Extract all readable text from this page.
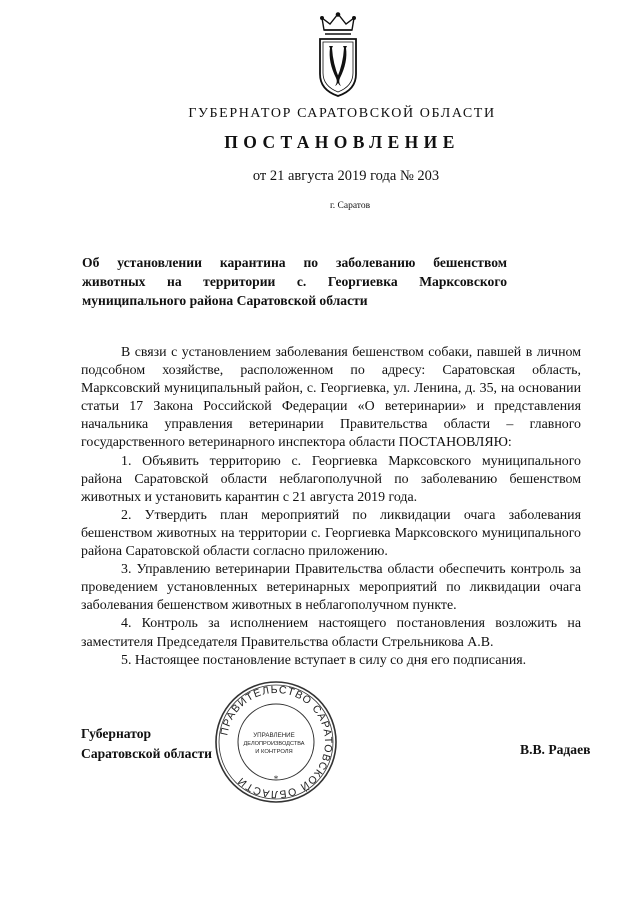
ГУБЕРНАТОР САРАТОВСКОЙ ОБЛАСТИ
ПОСТАНОВЛЕНИЕ
от 21 августа 2019 года № 203
г. Саратов
Об установлении карантина по заболеванию бешенством
животных на территории с. Георгиевка Марксовского
муниципального района Саратовской области

В связи с установлением заболевания бешенством собаки, павшей в личном подсобном хозяйстве, расположенном по адресу: Саратовская область, Марксовский муниципальный район, с. Георгиевка, ул. Ленина, д. 35, на основании статьи 17 Закона Российской Федерации «О ветеринарии» и представления начальника управления ветеринарии Правительства области – главного государственного ветеринарного инспектора области ПОСТАНОВЛЯЮ:

1. Объявить территорию с. Георгиевка Марксовского муниципального района Саратовской области неблагополучной по заболеванию бешенством животных и установить карантин с 21 августа 2019 года.

2. Утвердить план мероприятий по ликвидации очага заболевания бешенством животных на территории с. Георгиевка Марксовского муниципального района Саратовской области согласно приложению.

3. Управлению ветеринарии Правительства области обеспечить контроль за проведением установленных ветеринарных мероприятий по ликвидации очага заболевания бешенством животных в неблагополучном пункте.

4. Контроль за исполнением настоящего постановления возложить на заместителя Председателя Правительства области Стрельникова А.В.

5. Настоящее постановление вступает в силу со дня его подписания.

Губернатор
Саратовской области	В.В. Радаев
ПРАВИТЕЛЬСТВО САРАТОВСКОЙ ОБЛАСТИ
УПРАВЛЕНИЕ
ДЕЛОПРОИЗВОДСТВА
И КОНТРОЛЯ
*
